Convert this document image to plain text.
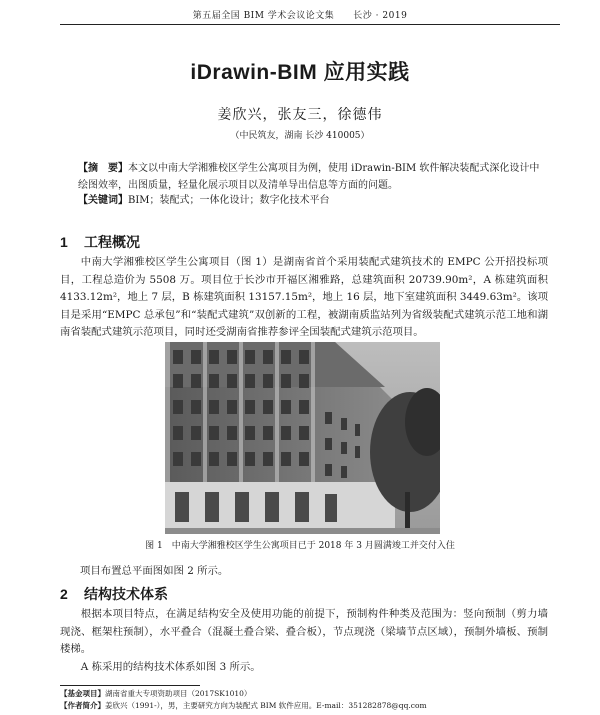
第五届全国 BIM 学术会议论文集　　长沙 · 2019
iDrawin-BIM 应用实践
姜欣兴，张友三，徐德伟
（中民筑友，湖南 长沙 410005）
【摘　要】本文以中南大学湘雅校区学生公寓项目为例，使用 iDrawin-BIM 软件解决装配式深化设计中绘图效率，出图质量，轻量化展示项目以及清单导出信息等方面的问题。
【关键词】BIM；装配式；一体化设计；数字化技术平台
1 工程概况
中南大学湘雅校区学生公寓项目（图 1）是湖南省首个采用装配式建筑技术的 EMPC 公开招投标项目，工程总造价为 5508 万。项目位于长沙市开福区湘雅路，总建筑面积 20739.90m²，A 栋建筑面积 4133.12m²，地上 7 层，B 栋建筑面积 13157.15m²，地上 16 层，地下室建筑面积 3449.63m²。该项目是采用“EMPC 总承包”和“装配式建筑”双创新的工程，被湖南质监站列为省级装配式建筑示范工地和湖南省装配式建筑示范项目，同时还受湖南省推荐参评全国装配式建筑示范项目。
图 1　中南大学湘雅校区学生公寓项目已于 2018 年 3 月圆满竣工并交付入住
项目布置总平面图如图 2 所示。
2 结构技术体系
根据本项目特点，在满足结构安全及使用功能的前提下，预制构件种类及范围为：竖向预制（剪力墙现浇、框架柱预制），水平叠合（混凝土叠合梁、叠合板），节点现浇（梁墙节点区域），预制外墙板、预制楼梯。
A 栋采用的结构技术体系如图 3 所示。
【基金项目】湖南省重大专项资助项目（2017SK1010）
【作者简介】姜欣兴（1991-），男，主要研究方向为装配式 BIM 软件应用。E-mail：351282878@qq.com
